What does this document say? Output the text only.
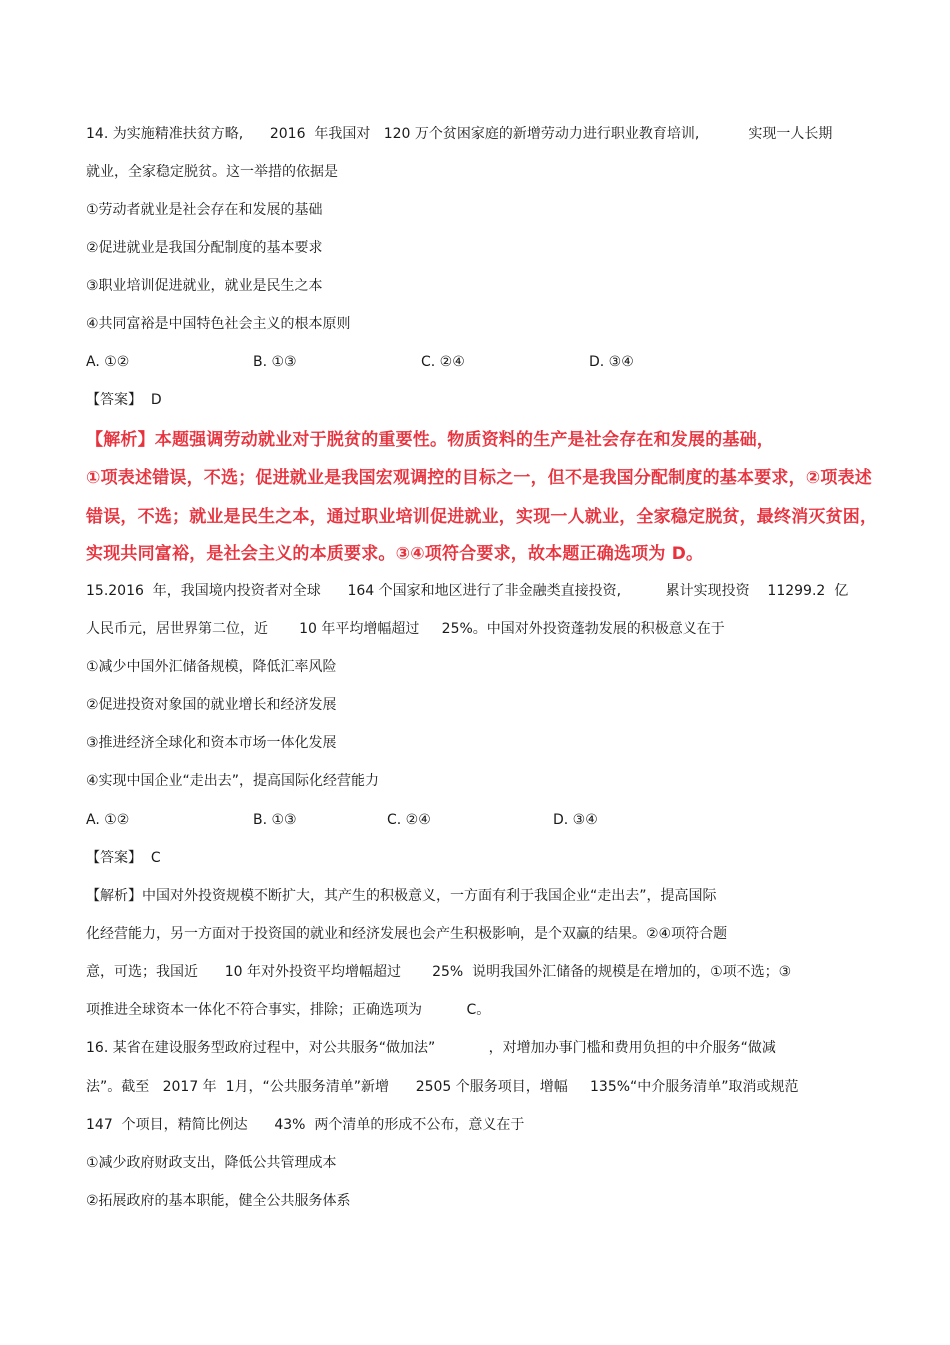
14. 为实施精准扶贫方略,      2016  年我国对   120 万个贫困家庭的新增劳动力进行职业教育培训,           实现一人长期
就业，全家稳定脱贫。这一举措的依据是
①劳动者就业是社会存在和发展的基础
②促进就业是我国分配制度的基本要求
③职业培训促进就业，就业是民生之本
④共同富裕是中国特色社会主义的根本原则
A. ①②	B. ①③	C. ②④	D. ③④
【答案】  D
【解析】本题强调劳动就业对于脱贫的重要性。物质资料的生产是社会存在和发展的基础，
①项表述错误，不选；促进就业是我国宏观调控的目标之一，但不是我国分配制度的基本要求，②项表述
错误，不选；就业是民生之本，通过职业培训促进就业，实现一人就业，全家稳定脱贫，最终消灭贫困，
实现共同富裕，是社会主义的本质要求。③④项符合要求，故本题正确选项为 D。
15.2016  年，我国境内投资者对全球      164 个国家和地区进行了非金融类直接投资,          累计实现投资    11299.2  亿
人民币元，居世界第二位，近       10 年平均增幅超过     25%。中国对外投资蓬勃发展的积极意义在于
①减少中国外汇储备规模，降低汇率风险
②促进投资对象国的就业增长和经济发展
③推进经济全球化和资本市场一体化发展
④实现中国企业“走出去”，提高国际化经营能力
A. ①②	B. ①③	C. ②④	D. ③④
【答案】  C
【解析】中国对外投资规模不断扩大，其产生的积极意义，一方面有利于我国企业“走出去”，提高国际
化经营能力，另一方面对于投资国的就业和经济发展也会产生积极影响，是个双赢的结果。②④项符合题
意，可选；我国近      10 年对外投资平均增幅超过       25%  说明我国外汇储备的规模是在增加的，①项不选；③
项推进全球资本一体化不符合事实，排除；正确选项为          C。
16. 某省在建设服务型政府过程中，对公共服务“做加法”            ，对增加办事门槛和费用负担的中介服务“做减
法”。截至   2017 年  1月，“公共服务清单”新增      2505 个服务项目，增幅     135%“中介服务清单”取消或规范
147  个项目，精简比例达      43%  两个清单的形成不公布，意义在于
①减少政府财政支出，降低公共管理成本
②拓展政府的基本职能，健全公共服务体系
